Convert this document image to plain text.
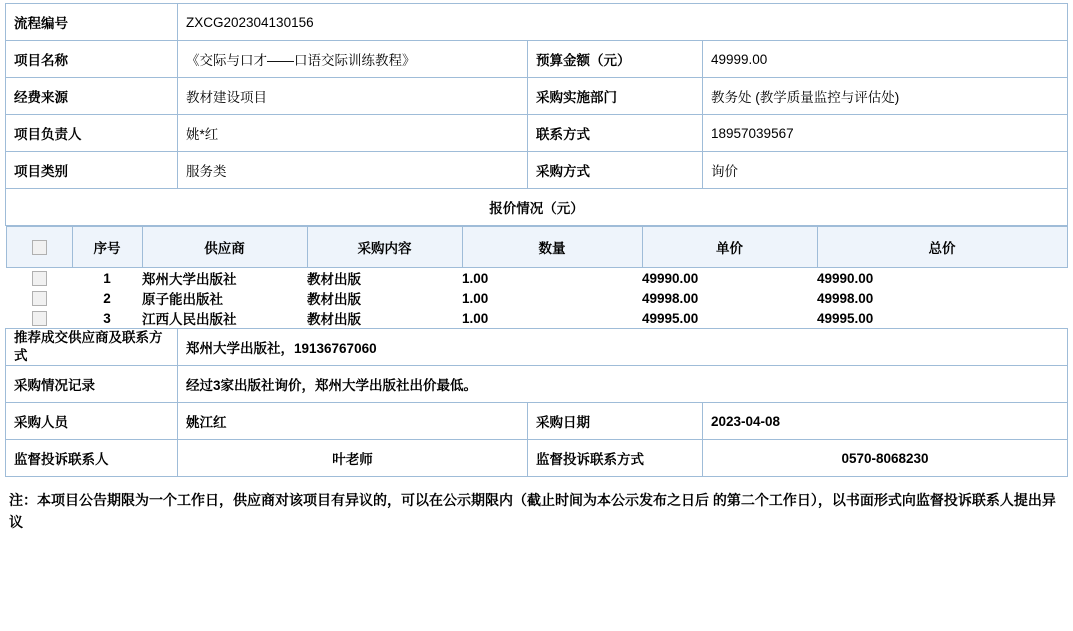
流程编号	ZXCG202304130156
项目名称	《交际与口才——口语交际训练教程》	预算金额（元）	49999.00
经费来源	教材建设项目	采购实施部门	教务处 (教学质量监控与评估处)
项目负责人	姚*红	联系方式	18957039567
项目类别	服务类	采购方式	询价
报价情况（元）

	序号	供应商	采购内容	数量	单价	总价
	1	郑州大学出版社	教材出版	1.00	49990.00	49990.00
	2	原子能出版社	教材出版	1.00	49998.00	49998.00
	3	江西人民出版社	教材出版	1.00	49995.00	49995.00

推荐成交供应商及联系方式	郑州大学出版社，19136767060
采购情况记录	经过3家出版社询价，郑州大学出版社出价最低。
采购人员	姚江红	采购日期	2023-04-08
监督投诉联系人	叶老师	监督投诉联系方式	0570-8068230
注：本项目公告期限为一个工作日，供应商对该项目有异议的，可以在公示期限内（截止时间为本公示发布之日后 的第二个工作日），以书面形式向监督投诉联系人提出异议
